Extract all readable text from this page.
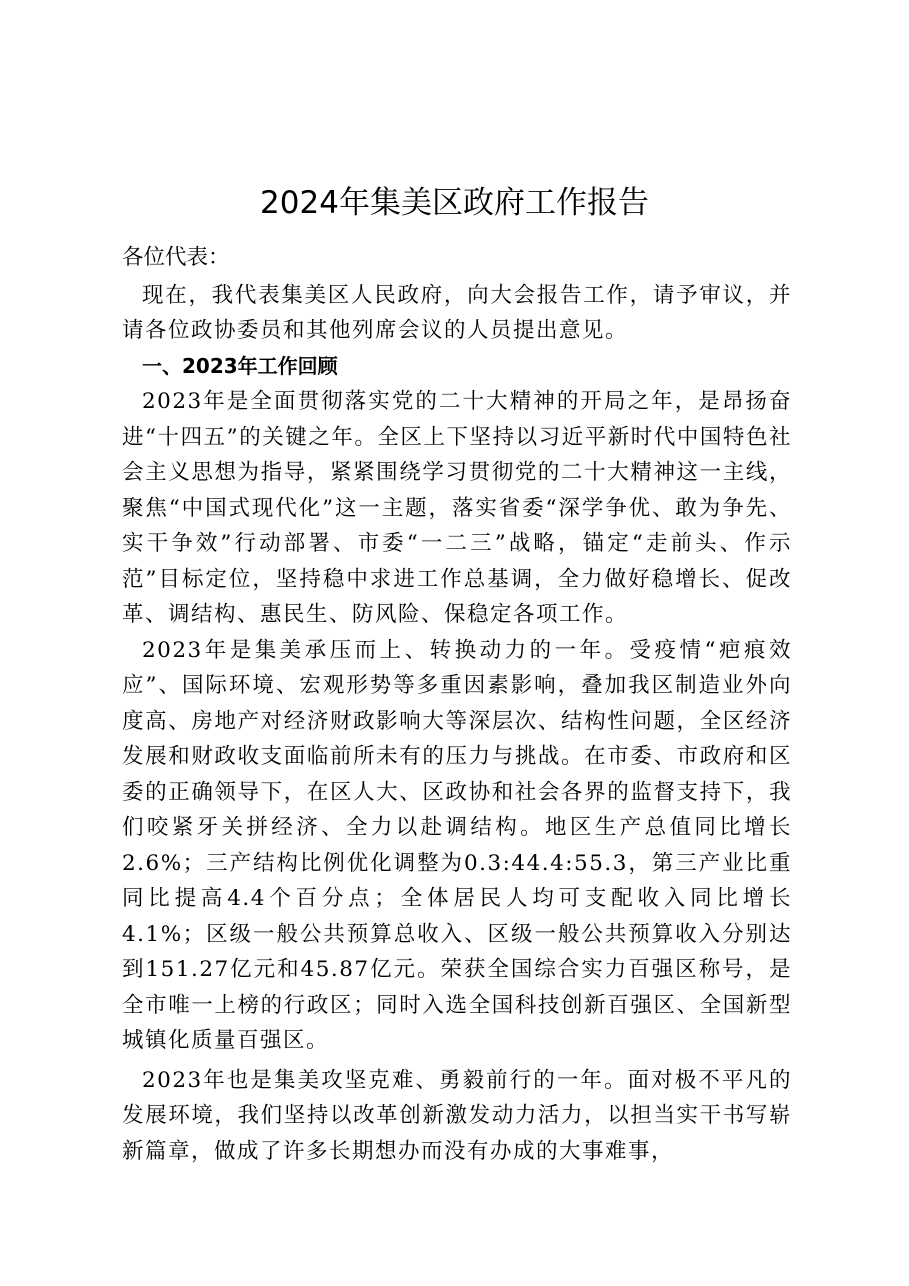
2024年集美区政府工作报告

各位代表：

现在，我代表集美区人民政府，向大会报告工作，请予审议，并请各位政协委员和其他列席会议的人员提出意见。

一、2023年工作回顾

2023年是全面贯彻落实党的二十大精神的开局之年，是昂扬奋进“十四五”的关键之年。全区上下坚持以习近平新时代中国特色社会主义思想为指导，紧紧围绕学习贯彻党的二十大精神这一主线，聚焦“中国式现代化”这一主题，落实省委“深学争优、敢为争先、实干争效”行动部署、市委“一二三”战略，锚定“走前头、作示范”目标定位，坚持稳中求进工作总基调，全力做好稳增长、促改革、调结构、惠民生、防风险、保稳定各项工作。

2023年是集美承压而上、转换动力的一年。受疫情“疤痕效应”、国际环境、宏观形势等多重因素影响，叠加我区制造业外向度高、房地产对经济财政影响大等深层次、结构性问题，全区经济发展和财政收支面临前所未有的压力与挑战。在市委、市政府和区委的正确领导下，在区人大、区政协和社会各界的监督支持下，我们咬紧牙关拼经济、全力以赴调结构。地区生产总值同比增长2.6%；三产结构比例优化调整为0.3:44.4:55.3，第三产业比重同比提高4.4个百分点；全体居民人均可支配收入同比增长4.1%；区级一般公共预算总收入、区级一般公共预算收入分别达到151.27亿元和45.87亿元。荣获全国综合实力百强区称号，是全市唯一上榜的行政区；同时入选全国科技创新百强区、全国新型城镇化质量百强区。

2023年也是集美攻坚克难、勇毅前行的一年。面对极不平凡的发展环境，我们坚持以改革创新激发动力活力，以担当实干书写崭新篇章，做成了许多长期想办而没有办成的大事难事，
